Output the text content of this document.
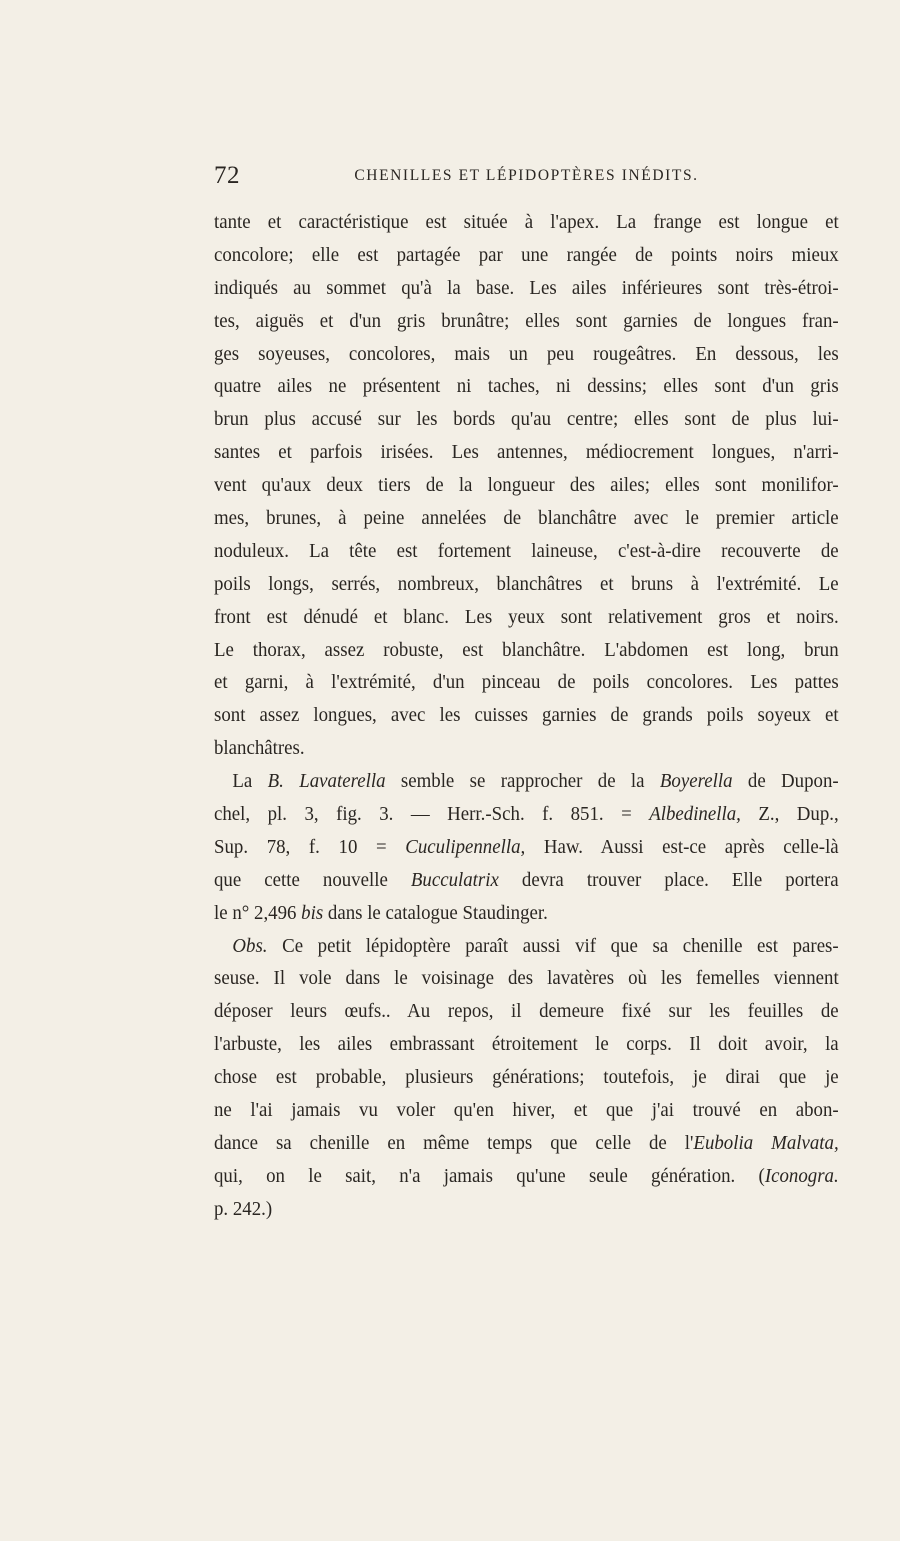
72	CHENILLES ET LÉPIDOPTÈRES INÉDITS.
tante et caractéristique est située à l'apex. La frange est longue et
concolore; elle est partagée par une rangée de points noirs mieux
indiqués au sommet qu'à la base. Les ailes inférieures sont très-étroi-
tes, aiguës et d'un gris brunâtre; elles sont garnies de longues fran-
ges soyeuses, concolores, mais un peu rougeâtres. En dessous, les
quatre ailes ne présentent ni taches, ni dessins; elles sont d'un gris
brun plus accusé sur les bords qu'au centre; elles sont de plus lui-
santes et parfois irisées. Les antennes, médiocrement longues, n'arri-
vent qu'aux deux tiers de la longueur des ailes; elles sont monilifor-
mes, brunes, à peine annelées de blanchâtre avec le premier article
noduleux. La tête est fortement laineuse, c'est-à-dire recouverte de
poils longs, serrés, nombreux, blanchâtres et bruns à l'extrémité. Le
front est dénudé et blanc. Les yeux sont relativement gros et noirs.
Le thorax, assez robuste, est blanchâtre. L'abdomen est long, brun
et garni, à l'extrémité, d'un pinceau de poils concolores. Les pattes
sont assez longues, avec les cuisses garnies de grands poils soyeux et
blanchâtres.
La B. Lavaterella semble se rapprocher de la Boyerella de Dupon-
chel, pl. 3, fig. 3. — Herr.-Sch. f. 851. = Albedinella, Z., Dup.,
Sup. 78, f. 10 = Cuculipennella, Haw. Aussi est-ce après celle-là
que cette nouvelle Bucculatrix devra trouver place. Elle portera
le n° 2,496 bis dans le catalogue Staudinger.
Obs. Ce petit lépidoptère paraît aussi vif que sa chenille est pares-
seuse. Il vole dans le voisinage des lavatères où les femelles viennent
déposer leurs œufs.. Au repos, il demeure fixé sur les feuilles de
l'arbuste, les ailes embrassant étroitement le corps. Il doit avoir, la
chose est probable, plusieurs générations; toutefois, je dirai que je
ne l'ai jamais vu voler qu'en hiver, et que j'ai trouvé en abon-
dance sa chenille en même temps que celle de l'Eubolia Malvata,
qui, on le sait, n'a jamais qu'une seule génération. (Iconogra.
p. 242.)
